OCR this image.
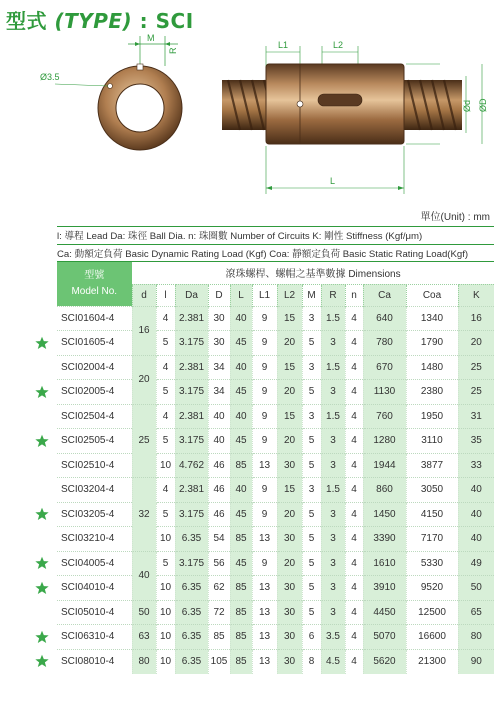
型式 (TYPE) : SCI
M
R
Ø3.5
L1	L2
Ød ØD
L
單位(Unit) : mm
l: 導程 Lead Da: 珠徑 Ball Dia. n: 珠圈數 Number of Circuits K: 剛性 Stiffness (Kgf/μm)
Ca: 動額定負荷 Basic Dynamic Rating Load (Kgf) Coa: 靜額定負荷 Basic Static Rating Load(Kgf)
型號
Model No.	滾珠螺桿、螺帽之基準數據 Dimensions												
	d	l	Da	D	L	L1	L2	M	R	n	Ca	Coa	K
SCI01604-4	16	4	2.381	30	40	9	15	3	1.5	4	640	1340	16
SCI01605-4		5	3.175	30	45	9	20	5	3	4	780	1790	20
SCI02004-4	20	4	2.381	34	40	9	15	3	1.5	4	670	1480	25
SCI02005-4		5	3.175	34	45	9	20	5	3	4	1130	2380	25
SCI02504-4	25	4	2.381	40	40	9	15	3	1.5	4	760	1950	31
SCI02505-4		5	3.175	40	45	9	20	5	3	4	1280	3110	35
SCI02510-4		10	4.762	46	85	13	30	5	3	4	1944	3877	33
SCI03204-4	32	4	2.381	46	40	9	15	3	1.5	4	860	3050	40
SCI03205-4		5	3.175	46	45	9	20	5	3	4	1450	4150	40
SCI03210-4		10	6.35	54	85	13	30	5	3	4	3390	7170	40
SCI04005-4	40	5	3.175	56	45	9	20	5	3	4	1610	5330	49
SCI04010-4		10	6.35	62	85	13	30	5	3	4	3910	9520	50
SCI05010-4	50	10	6.35	72	85	13	30	5	3	4	4450	12500	65
SCI06310-4	63	10	6.35	85	85	13	30	6	3.5	4	5070	16600	80
SCI08010-4	80	10	6.35	105	85	13	30	8	4.5	4	5620	21300	90
